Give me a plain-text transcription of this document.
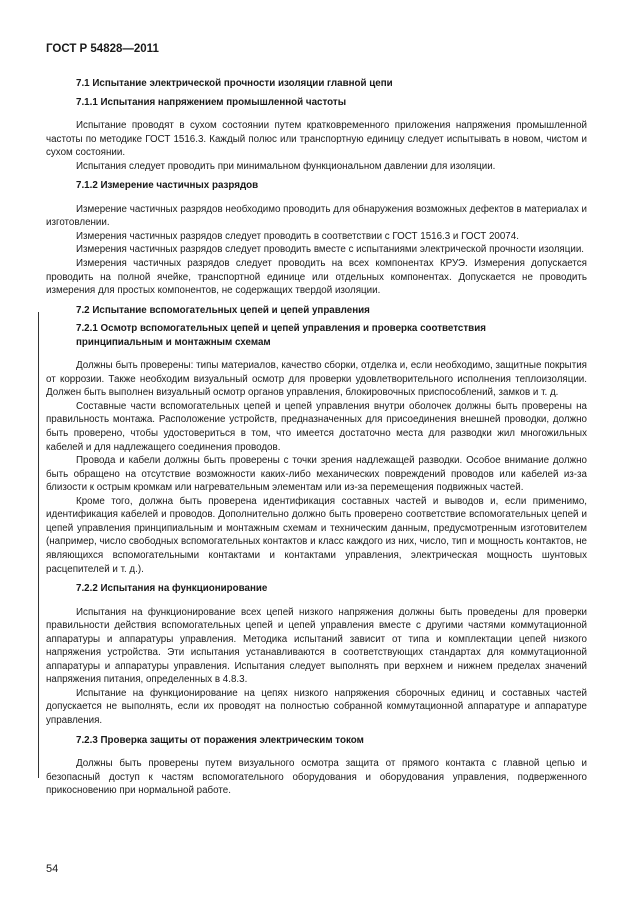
ГОСТ Р 54828—2011
7.1 Испытание электрической прочности изоляции главной цепи
7.1.1 Испытания напряжением промышленной частоты

Испытание проводят в сухом состоянии путем кратковременного приложения напряжения промышленной частоты по методике ГОСТ 1516.3. Каждый полюс или транспортную единицу следует испытывать в новом, чистом и сухом состоянии.

Испытания следует проводить при минимальном функциональном давлении для изоляции.

7.1.2 Измерение частичных разрядов

Измерение частичных разрядов необходимо проводить для обнаружения возможных дефектов в материалах и изготовлении.

Измерения частичных разрядов следует проводить в соответствии с ГОСТ 1516.3 и ГОСТ 20074.

Измерения частичных разрядов следует проводить вместе с испытаниями электрической прочности изоляции.

Измерения частичных разрядов следует проводить на всех компонентах КРУЭ. Измерения допускается проводить на полной ячейке, транспортной единице или отдельных компонентах. Допускается не проводить измерения для простых компонентов, не содержащих твердой изоляции.

7.2 Испытание вспомогательных цепей и цепей управления
7.2.1 Осмотр вспомогательных цепей и цепей управления и проверка соответствия принципиальным и монтажным схемам

Должны быть проверены: типы материалов, качество сборки, отделка и, если необходимо, защитные покрытия от коррозии. Также необходим визуальный осмотр для проверки удовлетворительного исполнения теплоизоляции. Должен быть выполнен визуальный осмотр органов управления, блокировочных приспособлений, замков и т. д.

Составные части вспомогательных цепей и цепей управления внутри оболочек должны быть проверены на правильность монтажа. Расположение устройств, предназначенных для присоединения внешней проводки, должно быть проверено, чтобы удостовериться в том, что имеется достаточно места для разводки жил многожильных кабелей и для надлежащего соединения проводов.

Провода и кабели должны быть проверены с точки зрения надлежащей разводки. Особое внимание должно быть обращено на отсутствие возможности каких-либо механических повреждений проводов или кабелей из-за близости к острым кромкам или нагревательным элементам или из-за перемещения подвижных частей.

Кроме того, должна быть проверена идентификация составных частей и выводов и, если применимо, идентификация кабелей и проводов. Дополнительно должно быть проверено соответствие вспомогательных цепей и цепей управления принципиальным и монтажным схемам и техническим данным, предусмотренным изготовителем (например, число свободных вспомогательных контактов и класс каждого из них, число, тип и мощность контактов, не являющихся вспомогательными контактами и контактами управления, электрическая мощность шунтовых расцепителей и т. д.).

7.2.2 Испытания на функционирование

Испытания на функционирование всех цепей низкого напряжения должны быть проведены для проверки правильности действия вспомогательных цепей и цепей управления вместе с другими частями коммутационной аппаратуры и аппаратуры управления. Методика испытаний зависит от типа и комплектации цепей низкого напряжения устройства. Эти испытания устанавливаются в соответствующих стандартах для коммутационной аппаратуры и аппаратуры управления. Испытания следует выполнять при верхнем и нижнем пределах значений напряжения питания, определенных в 4.8.3.

Испытание на функционирование на цепях низкого напряжения сборочных единиц и составных частей допускается не выполнять, если их проводят на полностью собранной коммутационной аппаратуре и аппаратуре управления.

7.2.3 Проверка защиты от поражения электрическим током

Должны быть проверены путем визуального осмотра защита от прямого контакта с главной цепью и безопасный доступ к частям вспомогательного оборудования и оборудования управления, подверженного прикосновению при нормальной работе.

54
